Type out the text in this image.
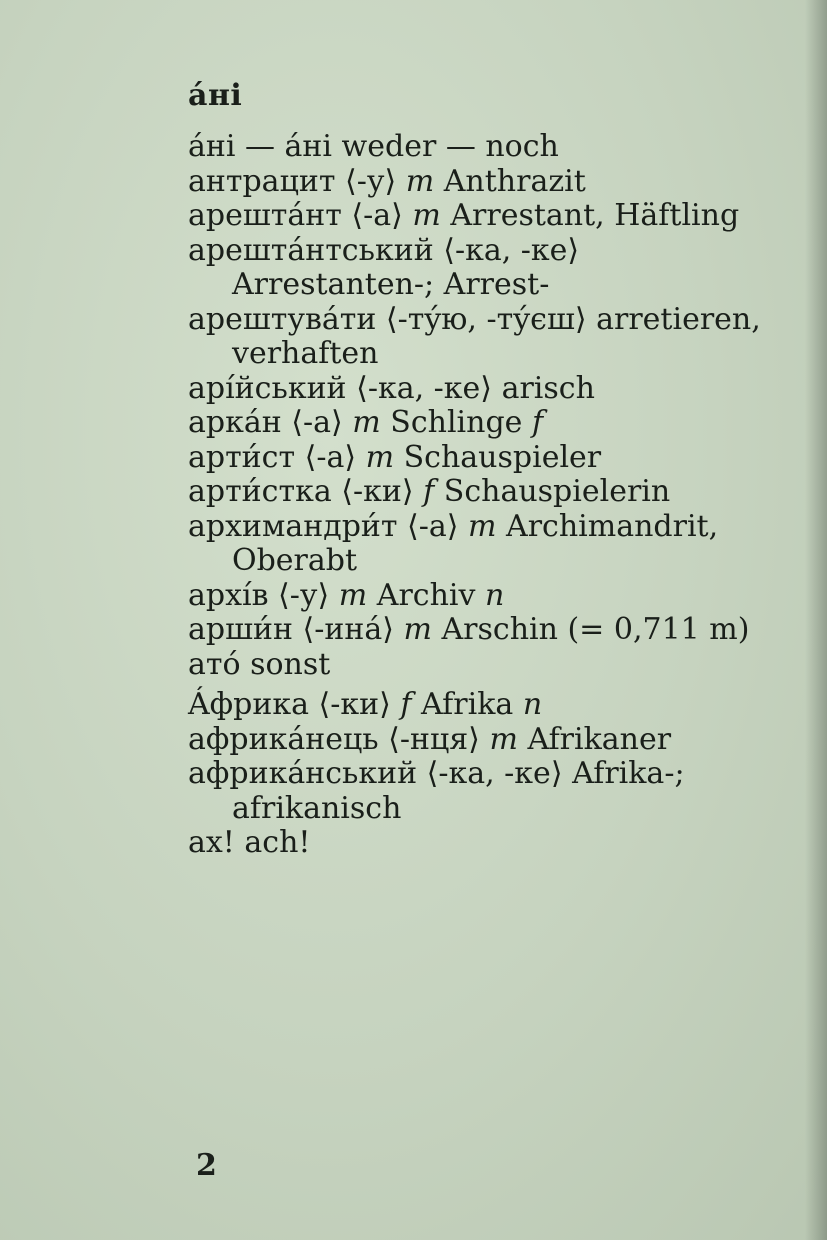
áні

áні — áні weder — noch

антрацит ⟨-у⟩ m Anthrazit

арештáнт ⟨-а⟩ m Arrestant, Häftling

арештáнтський ⟨-ка, -ке⟩ Arrestanten-; Arrest-

арештувáти ⟨-тýю, -тýєш⟩ arretieren, verhaften

арíйський ⟨-ка, -ке⟩ arisch

аркáн ⟨-а⟩ m Schlinge f

арти́ст ⟨-а⟩ m Schauspieler

арти́стка ⟨-ки⟩ f Schauspielerin

архимандри́т ⟨-а⟩ m Archimandrit, Oberabt

архíв ⟨-у⟩ m Archiv n

арши́н ⟨-инá⟩ m Arschin (= 0,711 m)

атó sonst

Áфрика ⟨-ки⟩ f Afrika n

африкáнець ⟨-нця⟩ m Afrikaner

африкáнський ⟨-ка, -ке⟩ Afrika-; afrikanisch

ах! ach!

2
